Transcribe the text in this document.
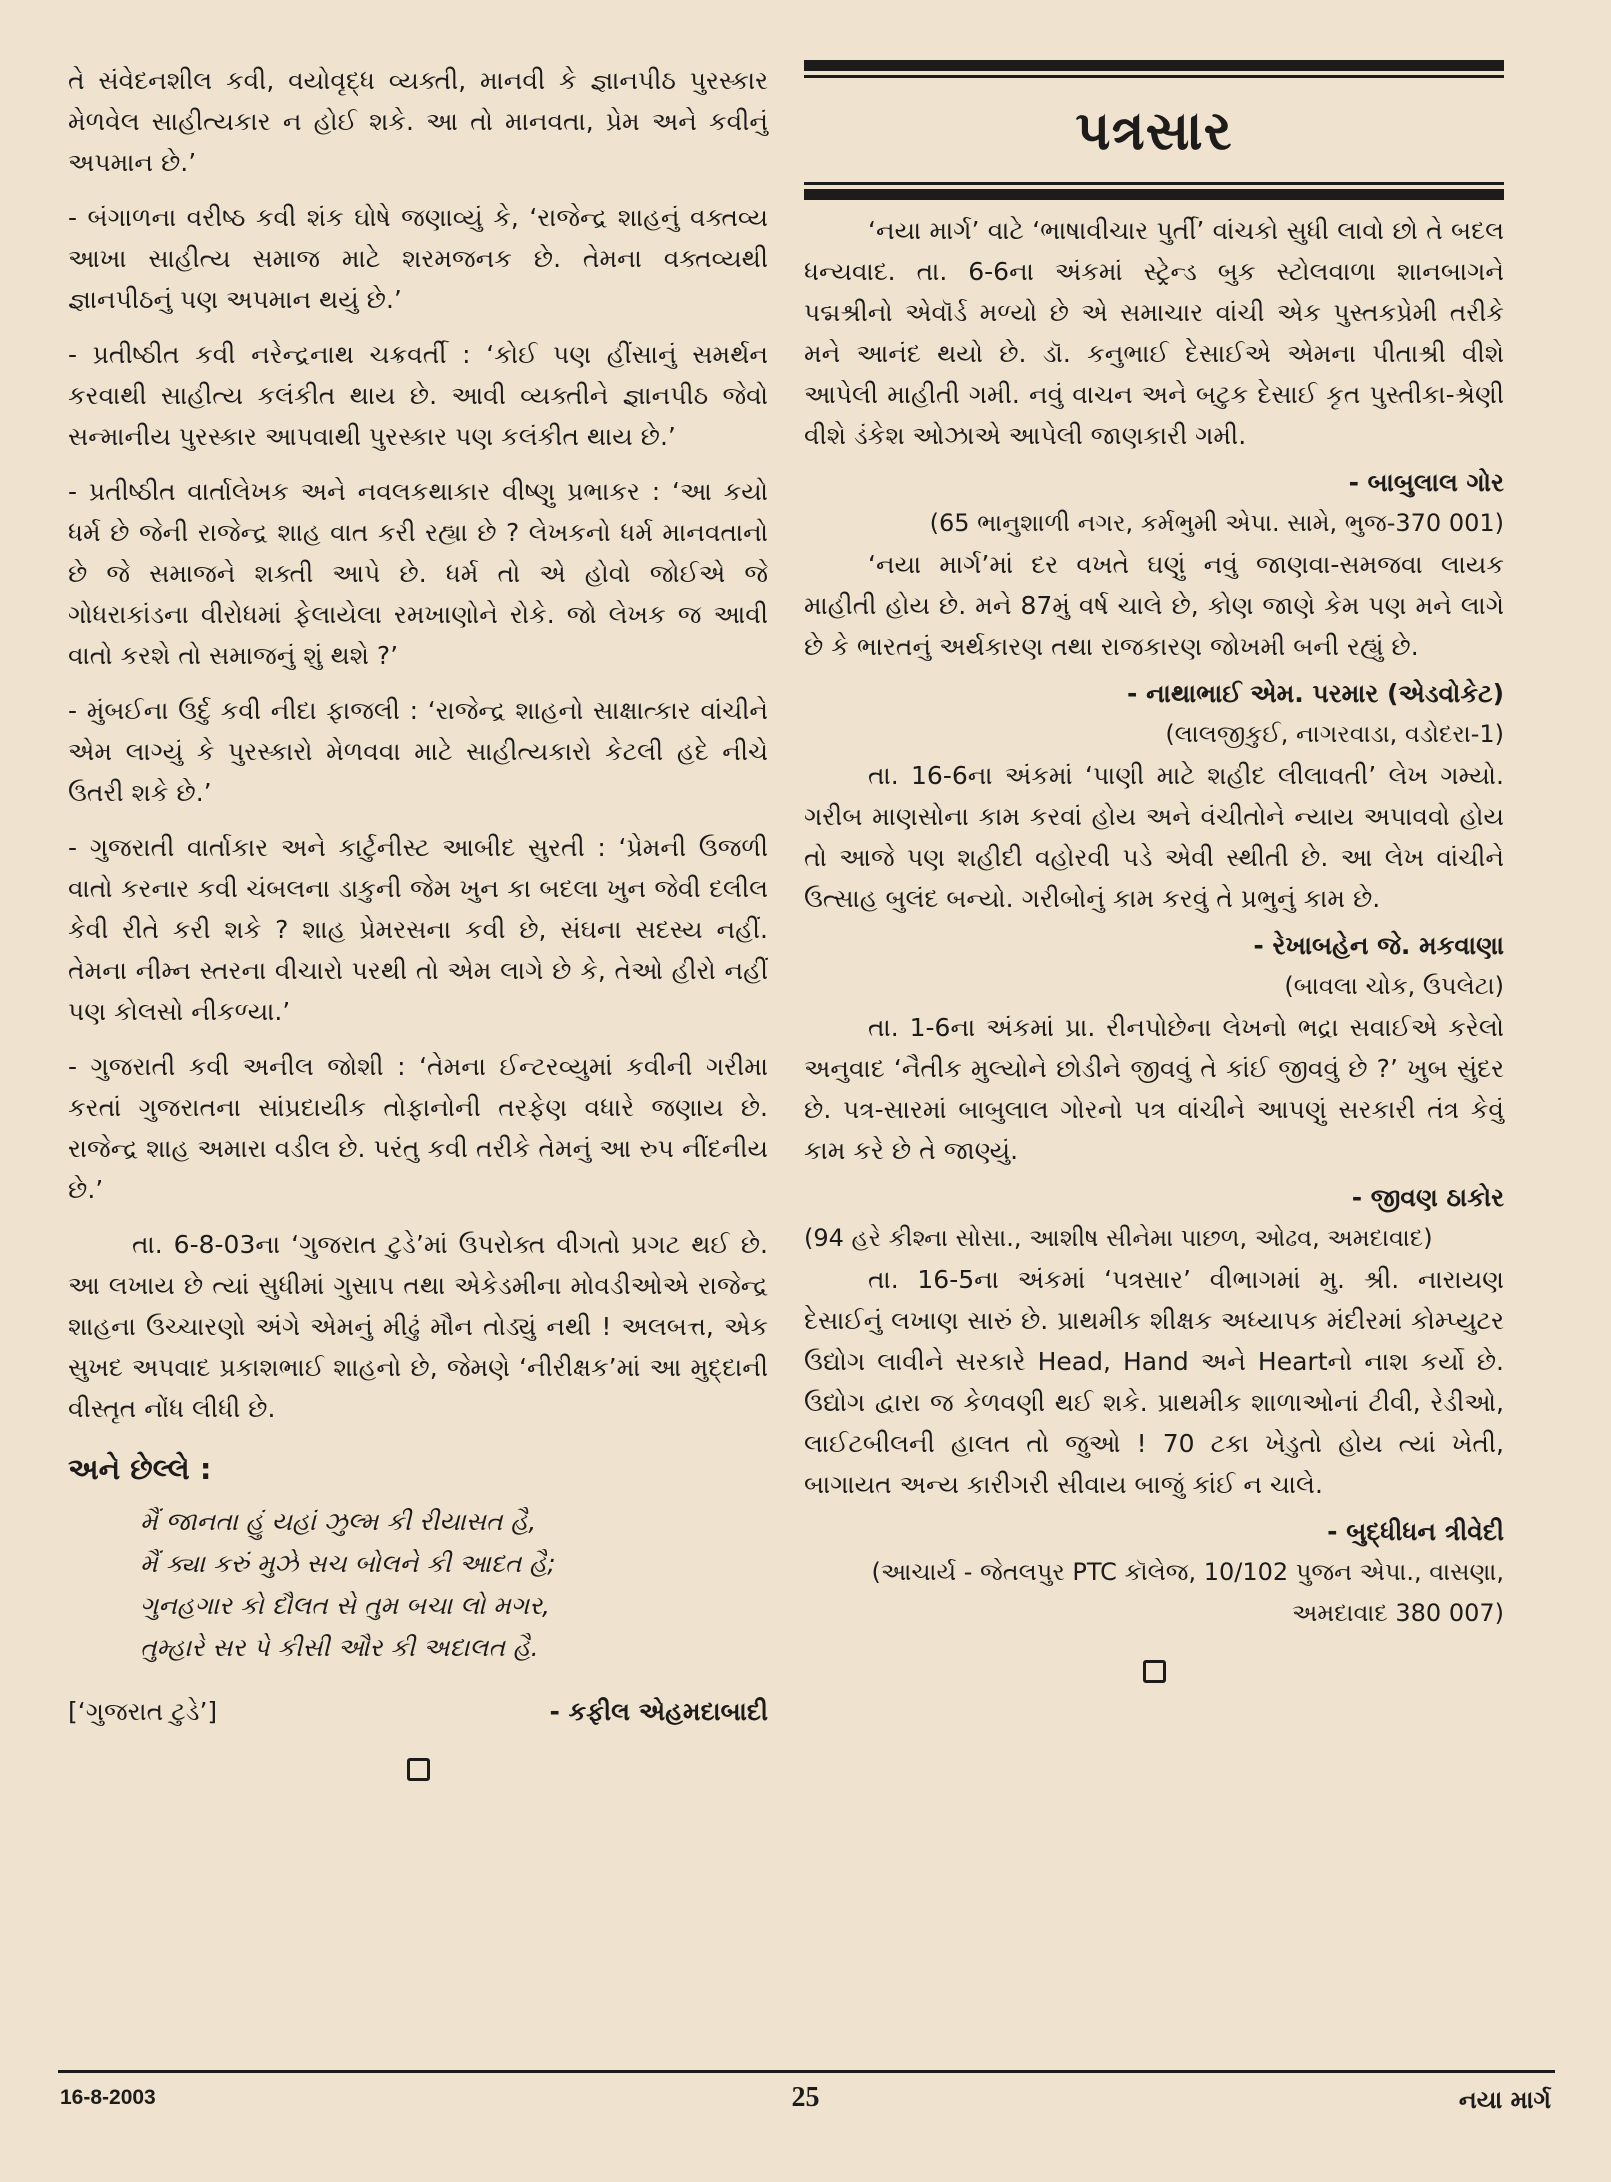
તે સંવેદનશીલ કવી, વયોવૃદ્ધ વ્યક્તી, માનવી કે જ્ઞાનપીઠ પુરસ્કાર મેળવેલ સાહીત્યકાર ન હોઈ શકે. આ તો માનવતા, પ્રેમ અને કવીનું અપમાન છે.’

- બંગાળના વરીષ્ઠ કવી શંક ઘોષે જણાવ્યું કે, ‘રાજેન્દ્ર શાહનું વક્તવ્ય આખા સાહીત્ય સમાજ માટે શરમજનક છે. તેમના વક્તવ્યથી જ્ઞાનપીઠનું પણ અપમાન થયું છે.’

- પ્રતીષ્ઠીત કવી નરેન્દ્રનાથ ચક્રવર્તી : ‘કોઈ પણ હીંસાનું સમર્થન કરવાથી સાહીત્ય કલંકીત થાય છે. આવી વ્યક્તીને જ્ઞાનપીઠ જેવો સન્માનીય પુરસ્કાર આપવાથી પુરસ્કાર પણ કલંકીત થાય છે.’

- પ્રતીષ્ઠીત વાર્તાલેખક અને નવલકથાકાર વીષ્ણુ પ્રભાકર : ‘આ કયો ધર્મ છે જેની રાજેન્દ્ર શાહ વાત કરી રહ્યા છે ? લેખકનો ધર્મ માનવતાનો છે જે સમાજને શક્તી આપે છે. ધર્મ તો એ હોવો જોઈએ જે ગોધરાકાંડના વીરોધમાં ફેલાયેલા રમખાણોને રોકે. જો લેખક જ આવી વાતો કરશે તો સમાજનું શું થશે ?’

- મુંબઈના ઉર્દુ કવી નીદા ફાજલી : ‘રાજેન્દ્ર શાહનો સાક્ષાત્કાર વાંચીને એમ લાગ્યું કે પુરસ્કારો મેળવવા માટે સાહીત્યકારો કેટલી હદે નીચે ઉતરી શકે છે.’

- ગુજરાતી વાર્તાકાર અને કાર્ટુનીસ્ટ આબીદ સુરતી : ‘પ્રેમની ઉજળી વાતો કરનાર કવી ચંબલના ડાકુની જેમ ખુન કા બદલા ખુન જેવી દલીલ કેવી રીતે કરી શકે ? શાહ પ્રેમરસના કવી છે, સંઘના સદસ્ય નહીં. તેમના નીમ્ન સ્તરના વીચારો પરથી તો એમ લાગે છે કે, તેઓ હીરો નહીં પણ કોલસો નીકળ્યા.’

- ગુજરાતી કવી અનીલ જોશી : ‘તેમના ઈન્ટરવ્યુમાં કવીની ગરીમા કરતાં ગુજરાતના સાંપ્રદાયીક તોફાનોની તરફેણ વધારે જણાય છે. રાજેન્દ્ર શાહ અમારા વડીલ છે. પરંતુ કવી તરીકે તેમનું આ રુપ નીંદનીય છે.’

તા. 6-8-03ના ‘ગુજરાત ટુડે’માં ઉપરોક્ત વીગતો પ્રગટ થઈ છે. આ લખાય છે ત્યાં સુધીમાં ગુસાપ તથા એકેડમીના મોવડીઓએ રાજેન્દ્ર શાહના ઉચ્ચારણો અંગે એમનું મીઢું મૌન તોડ્યું નથી ! અલબત્ત, એક સુખદ અપવાદ પ્રકાશભાઈ શાહનો છે, જેમણે ‘નીરીક્ષક’માં આ મુદ્દાની વીસ્તૃત નોંધ લીધી છે.

અને છેલ્લે :

મૈં જાનતા હું યહાં ઝુલ્મ કી રીયાસત હૈ,

મૈં ક્યા કરું મુઝે સચ બોલને કી આદત હૈ;

ગુનહગાર કો દૌલત સે તુમ બચા લો મગર,

તુમ્હારે સર પે કીસી ઔર કી અદાલત હૈ.

[‘ગુજરાત ટુડે’]	- કફીલ એહમદાબાદી
પત્રસાર

‘નયા માર્ગ’ વાટે ‘ભાષાવીચાર પુર્તી’ વાંચકો સુધી લાવો છો તે બદલ ધન્યવાદ. તા. 6-6ના અંકમાં સ્ટ્રેન્ડ બુક સ્ટોલવાળા શાનબાગને પદ્મશ્રીનો એવૉર્ડ મળ્યો છે એ સમાચાર વાંચી એક પુસ્તકપ્રેમી તરીકે મને આનંદ થયો છે. ડૉ. કનુભાઈ દેસાઈએ એમના પીતાશ્રી વીશે આપેલી માહીતી ગમી. નવું વાચન અને બટુક દેસાઈ કૃત પુસ્તીકા-શ્રેણી વીશે ડંકેશ ઓઝાએ આપેલી જાણકારી ગમી.

- બાબુલાલ ગોર
(65 ભાનુશાળી નગર, કર્મભુમી એપા. સામે, ભુજ-370 001)

‘નયા માર્ગ’માં દર વખતે ઘણું નવું જાણવા-સમજવા લાયક માહીતી હોય છે. મને 87મું વર્ષ ચાલે છે, કોણ જાણે કેમ પણ મને લાગે છે કે ભારતનું અર્થકારણ તથા રાજકારણ જોખમી બની રહ્યું છે.

- નાથાભાઈ એમ. પરમાર (એડવોકેટ)
(લાલજીકુઈ, નાગરવાડા, વડોદરા-1)

તા. 16-6ના અંકમાં ‘પાણી માટે શહીદ લીલાવતી’ લેખ ગમ્યો. ગરીબ માણસોના કામ કરવાં હોય અને વંચીતોને ન્યાય અપાવવો હોય તો આજે પણ શહીદી વહોરવી પડે એવી સ્થીતી છે. આ લેખ વાંચીને ઉત્સાહ બુલંદ બન્યો. ગરીબોનું કામ કરવું તે પ્રભુનું કામ છે.

- રેખાબહેન જે. મકવાણા
(બાવલા ચોક, ઉપલેટા)

તા. 1-6ના અંકમાં પ્રા. રીનપોછેના લેખનો ભદ્રા સવાઈએ કરેલો અનુવાદ ‘નૈતીક મુલ્યોને છોડીને જીવવું તે કાંઈ જીવવું છે ?’ ખુબ સુંદર છે. પત્ર-સારમાં બાબુલાલ ગોરનો પત્ર વાંચીને આપણું સરકારી તંત્ર કેવું કામ કરે છે તે જાણ્યું.

- જીવણ ઠાકોર
(94 હરે કીશ્ના સોસા., આશીષ સીનેમા પાછળ, ઓઢવ, અમદાવાદ)

તા. 16-5ના અંકમાં ‘પત્રસાર’ વીભાગમાં મુ. શ્રી. નારાયણ દેસાઈનું લખાણ સારું છે. પ્રાથમીક શીક્ષક અધ્યાપક મંદીરમાં કોમ્પ્યુટર ઉદ્યોગ લાવીને સરકારે Head, Hand અને Heartનો નાશ કર્યો છે. ઉદ્યોગ દ્વારા જ કેળવણી થઈ શકે. પ્રાથમીક શાળાઓનાં ટીવી, રેડીઓ, લાઈટબીલની હાલત તો જુઓ ! 70 ટકા ખેડુતો હોય ત્યાં ખેતી, બાગાયત અન્ય કારીગરી સીવાય બાજું કાંઈ ન ચાલે.

- બુદ્ધીધન ત્રીવેદી
(આચાર્ય - જેતલપુર PTC કૉલેજ, 10/102 પુજન એપા., વાસણા, અમદાવાદ 380 007)
16-8-2003	25	નયા માર્ગ
